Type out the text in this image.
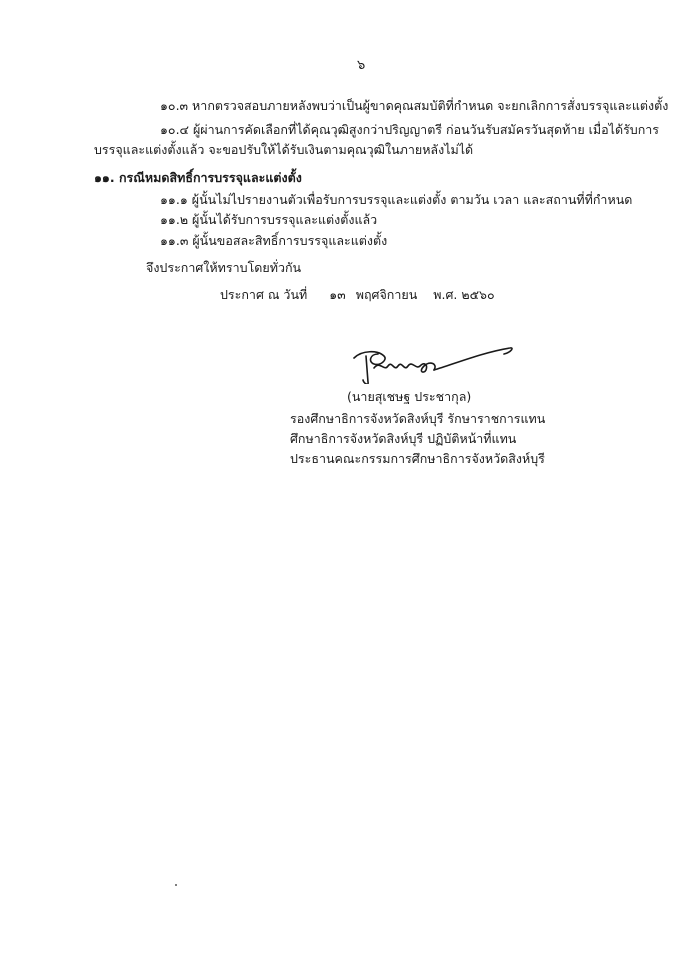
๖
๑๐.๓ หากตรวจสอบภายหลังพบว่าเป็นผู้ขาดคุณสมบัติที่กำหนด จะยกเลิกการสั่งบรรจุและแต่งตั้ง
๑๐.๔ ผู้ผ่านการคัดเลือกที่ได้คุณวุฒิสูงกว่าปริญญาตรี ก่อนวันรับสมัครวันสุดท้าย เมื่อได้รับการ
บรรจุและแต่งตั้งแล้ว จะขอปรับให้ได้รับเงินตามคุณวุฒิในภายหลังไม่ได้
๑๑. กรณีหมดสิทธิ์การบรรจุและแต่งตั้ง
๑๑.๑ ผู้นั้นไม่ไปรายงานตัวเพื่อรับการบรรจุและแต่งตั้ง ตามวัน เวลา และสถานที่ที่กำหนด
๑๑.๒ ผู้นั้นได้รับการบรรจุและแต่งตั้งแล้ว
๑๑.๓ ผู้นั้นขอสละสิทธิ์การบรรจุและแต่งตั้ง
จึงประกาศให้ทราบโดยทั่วกัน
ประกาศ ณ วันที่ ๑๓ พฤศจิกายน พ.ศ. ๒๕๖๐
(นายสุเชษฐ ประชากุล)
รองศึกษาธิการจังหวัดสิงห์บุรี รักษาราชการแทน
ศึกษาธิการจังหวัดสิงห์บุรี ปฏิบัติหน้าที่แทน
ประธานคณะกรรมการศึกษาธิการจังหวัดสิงห์บุรี
